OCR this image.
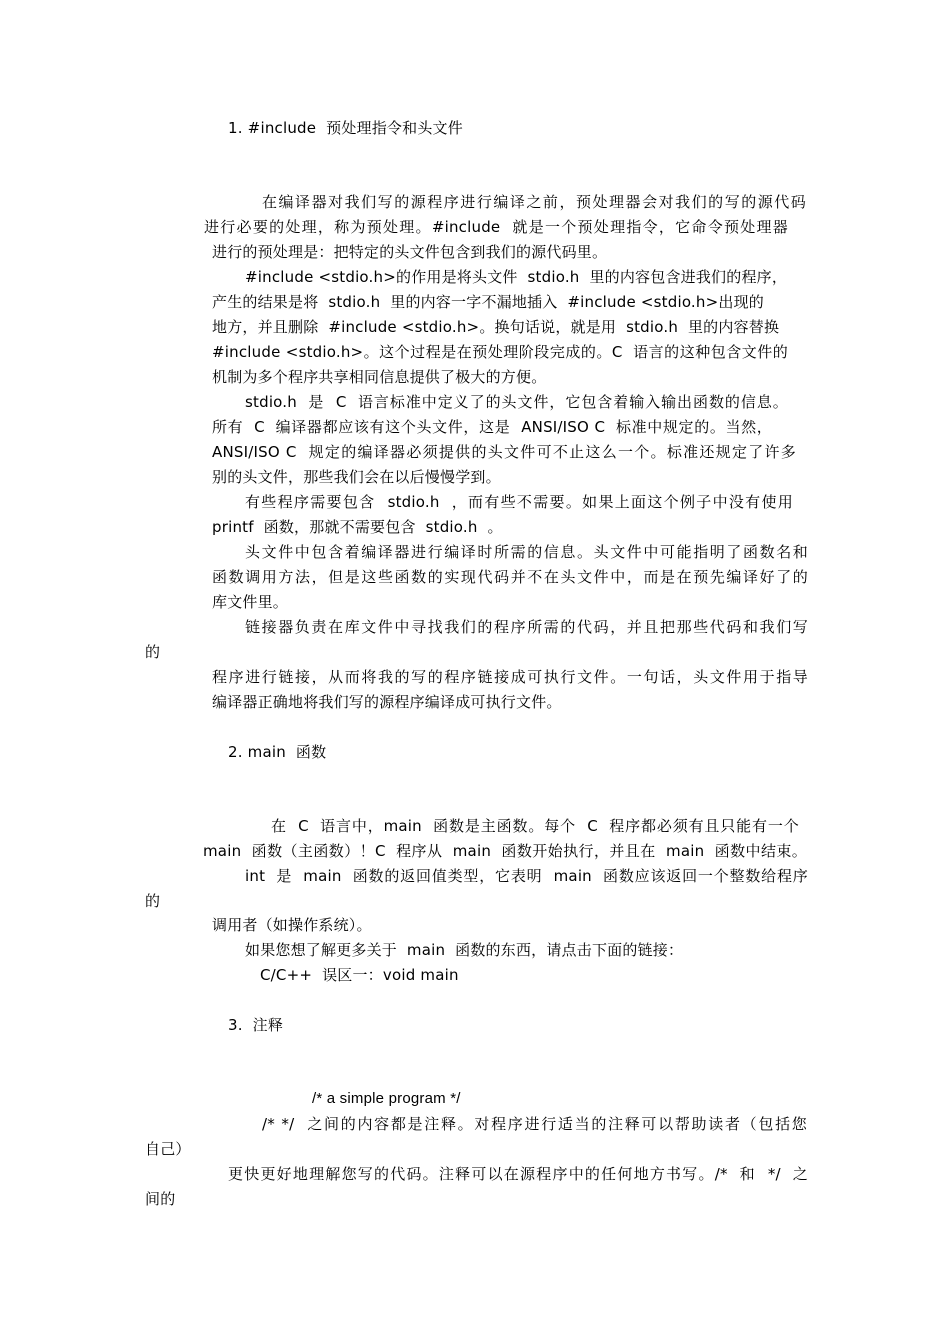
1. #include  预处理指令和头文件
在编译器对我们写的源程序进行编译之前，预处理器会对我们的写的源代码
进行必要的处理，称为预处理。#include  就是一个预处理指令，它命令预处理器
进行的预处理是：把特定的头文件包含到我们的源代码里。
#include <stdio.h>的作用是将头文件  stdio.h  里的内容包含进我们的程序，
产生的结果是将  stdio.h  里的内容一字不漏地插入  #include <stdio.h>出现的
地方，并且删除  #include <stdio.h>。换句话说，就是用  stdio.h  里的内容替换
#include <stdio.h>。这个过程是在预处理阶段完成的。C  语言的这种包含文件的
机制为多个程序共享相同信息提供了极大的方便。
stdio.h  是  C  语言标准中定义了的头文件，它包含着输入输出函数的信息。
所有  C  编译器都应该有这个头文件，这是  ANSI/ISO C  标准中规定的。当然，
ANSI/ISO C  规定的编译器必须提供的头文件可不止这么一个。标准还规定了许多
别的头文件，那些我们会在以后慢慢学到。
有些程序需要包含  stdio.h  ，而有些不需要。如果上面这个例子中没有使用
printf  函数，那就不需要包含  stdio.h  。
头文件中包含着编译器进行编译时所需的信息。头文件中可能指明了函数名和
函数调用方法，但是这些函数的实现代码并不在头文件中，而是在预先编译好了的
库文件里。
链接器负责在库文件中寻找我们的程序所需的代码，并且把那些代码和我们写
的
程序进行链接，从而将我的写的程序链接成可执行文件。一句话，头文件用于指导
编译器正确地将我们写的源程序编译成可执行文件。
2. main  函数
在  C  语言中，main  函数是主函数。每个  C  程序都必须有且只能有一个
main  函数（主函数）！C  程序从  main  函数开始执行，并且在  main  函数中结束。
int  是  main  函数的返回值类型，它表明  main  函数应该返回一个整数给程序
的
调用者（如操作系统）。
如果您想了解更多关于  main  函数的东西，请点击下面的链接：
C/C++  误区一：void main
3.  注释
/* a simple program */
/* */  之间的内容都是注释。对程序进行适当的注释可以帮助读者（包括您
自己）
更快更好地理解您写的代码。注释可以在源程序中的任何地方书写。/*  和  */  之
间的
